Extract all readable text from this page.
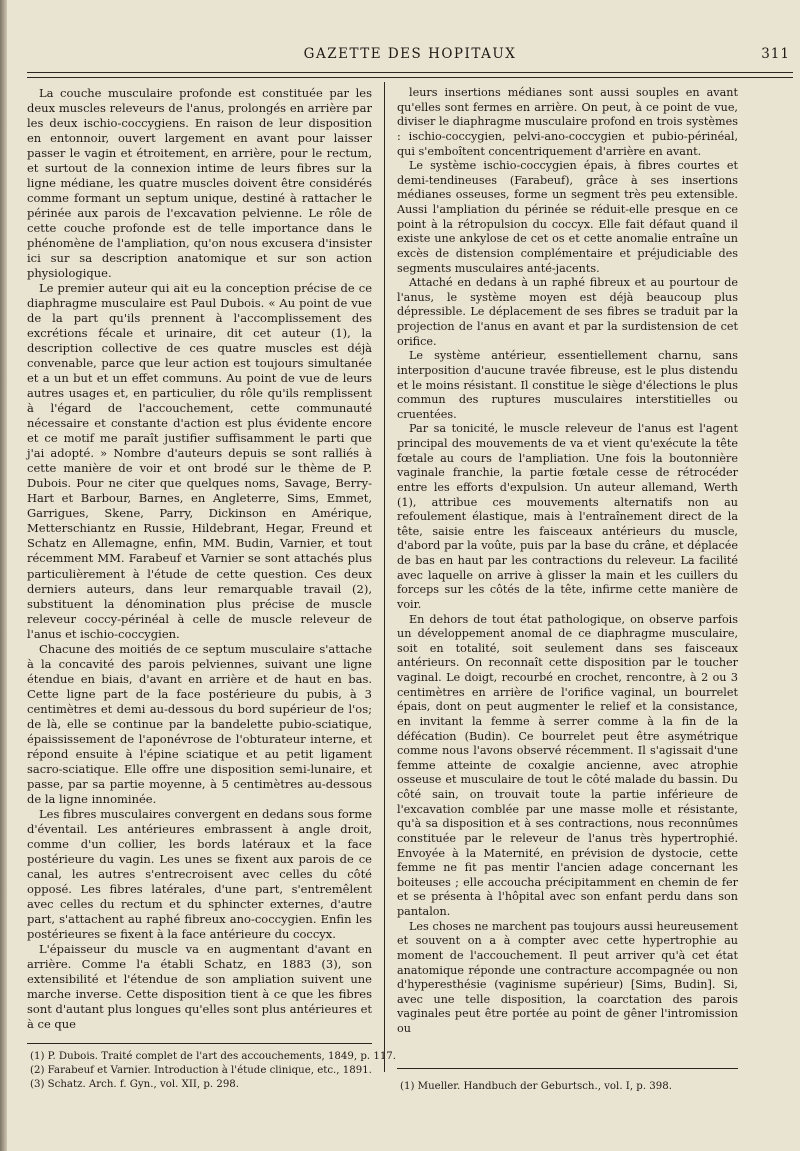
GAZETTE DES HOPITAUX	311

La couche musculaire profonde est constituée par les deux muscles releveurs de l'anus, prolongés en arrière par les deux ischio-coccygiens. En raison de leur disposition en entonnoir, ouvert largement en avant pour laisser passer le vagin et étroitement, en arrière, pour le rectum, et surtout de la connexion intime de leurs fibres sur la ligne médiane, les quatre muscles doivent être considérés comme formant un septum unique, destiné à rattacher le périnée aux parois de l'excavation pelvienne. Le rôle de cette couche profonde est de telle importance dans le phénomène de l'ampliation, qu'on nous excusera d'insister ici sur sa description anatomique et sur son action physiologique.

Le premier auteur qui ait eu la conception précise de ce diaphragme musculaire est Paul Dubois. « Au point de vue de la part qu'ils prennent à l'accomplissement des excrétions fécale et urinaire, dit cet auteur (1), la description collective de ces quatre muscles est déjà convenable, parce que leur action est toujours simultanée et a un but et un effet communs. Au point de vue de leurs autres usages et, en particulier, du rôle qu'ils remplissent à l'égard de l'accouchement, cette communauté nécessaire et constante d'action est plus évidente encore et ce motif me paraît justifier suffisamment le parti que j'ai adopté. » Nombre d'auteurs depuis se sont ralliés à cette manière de voir et ont brodé sur le thème de P. Dubois. Pour ne citer que quelques noms, Savage, Berry-Hart et Barbour, Barnes, en Angleterre, Sims, Emmet, Garrigues, Skene, Parry, Dickinson en Amérique, Metterschiantz en Russie, Hildebrant, Hegar, Freund et Schatz en Allemagne, enfin, MM. Budin, Varnier, et tout récemment MM. Farabeuf et Varnier se sont attachés plus particulièrement à l'étude de cette question. Ces deux derniers auteurs, dans leur remarquable travail (2), substituent la dénomination plus précise de muscle releveur coccy-périnéal à celle de muscle releveur de l'anus et ischio-coccygien.

Chacune des moitiés de ce septum musculaire s'attache à la concavité des parois pelviennes, suivant une ligne étendue en biais, d'avant en arrière et de haut en bas. Cette ligne part de la face postérieure du pubis, à 3 centimètres et demi au-dessous du bord supérieur de l'os; de là, elle se continue par la bandelette pubio-sciatique, épaississement de l'aponévrose de l'obturateur interne, et répond ensuite à l'épine sciatique et au petit ligament sacro-sciatique. Elle offre une disposition semi-lunaire, et passe, par sa partie moyenne, à 5 centimètres au-dessous de la ligne innominée.

Les fibres musculaires convergent en dedans sous forme d'éventail. Les antérieures embrassent à angle droit, comme d'un collier, les bords latéraux et la face postérieure du vagin. Les unes se fixent aux parois de ce canal, les autres s'entrecroisent avec celles du côté opposé. Les fibres latérales, d'une part, s'entremêlent avec celles du rectum et du sphincter externes, d'autre part, s'attachent au raphé fibreux ano-coccygien. Enfin les postérieures se fixent à la face antérieure du coccyx.

L'épaisseur du muscle va en augmentant d'avant en arrière. Comme l'a établi Schatz, en 1883 (3), son extensibilité et l'étendue de son ampliation suivent une marche inverse. Cette disposition tient à ce que les fibres sont d'autant plus longues qu'elles sont plus antérieures et à ce que

leurs insertions médianes sont aussi souples en avant qu'elles sont fermes en arrière. On peut, à ce point de vue, diviser le diaphragme musculaire profond en trois systèmes : ischio-coccygien, pelvi-ano-coccygien et pubio-périnéal, qui s'emboîtent concentriquement d'arrière en avant.

Le système ischio-coccygien épais, à fibres courtes et demi-tendineuses (Farabeuf), grâce à ses insertions médianes osseuses, forme un segment très peu extensible. Aussi l'ampliation du périnée se réduit-elle presque en ce point à la rétropulsion du coccyx. Elle fait défaut quand il existe une ankylose de cet os et cette anomalie entraîne un excès de distension complémentaire et préjudiciable des segments musculaires anté-jacents.

Attaché en dedans à un raphé fibreux et au pourtour de l'anus, le système moyen est déjà beaucoup plus dépressible. Le déplacement de ses fibres se traduit par la projection de l'anus en avant et par la surdistension de cet orifice.

Le système antérieur, essentiellement charnu, sans interposition d'aucune travée fibreuse, est le plus distendu et le moins résistant. Il constitue le siège d'élections le plus commun des ruptures musculaires interstitielles ou cruentées.

Par sa tonicité, le muscle releveur de l'anus est l'agent principal des mouvements de va et vient qu'exécute la tête fœtale au cours de l'ampliation. Une fois la boutonnière vaginale franchie, la partie fœtale cesse de rétrocéder entre les efforts d'expulsion. Un auteur allemand, Werth (1), attribue ces mouvements alternatifs non au refoulement élastique, mais à l'entraînement direct de la tête, saisie entre les faisceaux antérieurs du muscle, d'abord par la voûte, puis par la base du crâne, et déplacée de bas en haut par les contractions du releveur. La facilité avec laquelle on arrive à glisser la main et les cuillers du forceps sur les côtés de la tête, infirme cette manière de voir.

En dehors de tout état pathologique, on observe parfois un développement anomal de ce diaphragme musculaire, soit en totalité, soit seulement dans ses faisceaux antérieurs. On reconnaît cette disposition par le toucher vaginal. Le doigt, recourbé en crochet, rencontre, à 2 ou 3 centimètres en arrière de l'orifice vaginal, un bourrelet épais, dont on peut augmenter le relief et la consistance, en invitant la femme à serrer comme à la fin de la défécation (Budin). Ce bourrelet peut être asymétrique comme nous l'avons observé récemment. Il s'agissait d'une femme atteinte de coxalgie ancienne, avec atrophie osseuse et musculaire de tout le côté malade du bassin. Du côté sain, on trouvait toute la partie inférieure de l'excavation comblée par une masse molle et résistante, qu'à sa disposition et à ses contractions, nous reconnûmes constituée par le releveur de l'anus très hypertrophié. Envoyée à la Maternité, en prévision de dystocie, cette femme ne fit pas mentir l'ancien adage concernant les boiteuses ; elle accoucha précipitamment en chemin de fer et se présenta à l'hôpital avec son enfant perdu dans son pantalon.

Les choses ne marchent pas toujours aussi heureusement et souvent on a à compter avec cette hypertrophie au moment de l'accouchement. Il peut arriver qu'à cet état anatomique réponde une contracture accompagnée ou non d'hyperesthésie (vaginisme supérieur) [Sims, Budin]. Si, avec une telle disposition, la coarctation des parois vaginales peut être portée au point de gêner l'intromission ou

(1) P. Dubois. Traité complet de l'art des accouchements, 1849, p. 117.

(2) Farabeuf et Varnier. Introduction à l'étude clinique, etc., 1891.

(3) Schatz. Arch. f. Gyn., vol. XII, p. 298.	(1) Mueller. Handbuch der Geburtsch., vol. I, p. 398.
